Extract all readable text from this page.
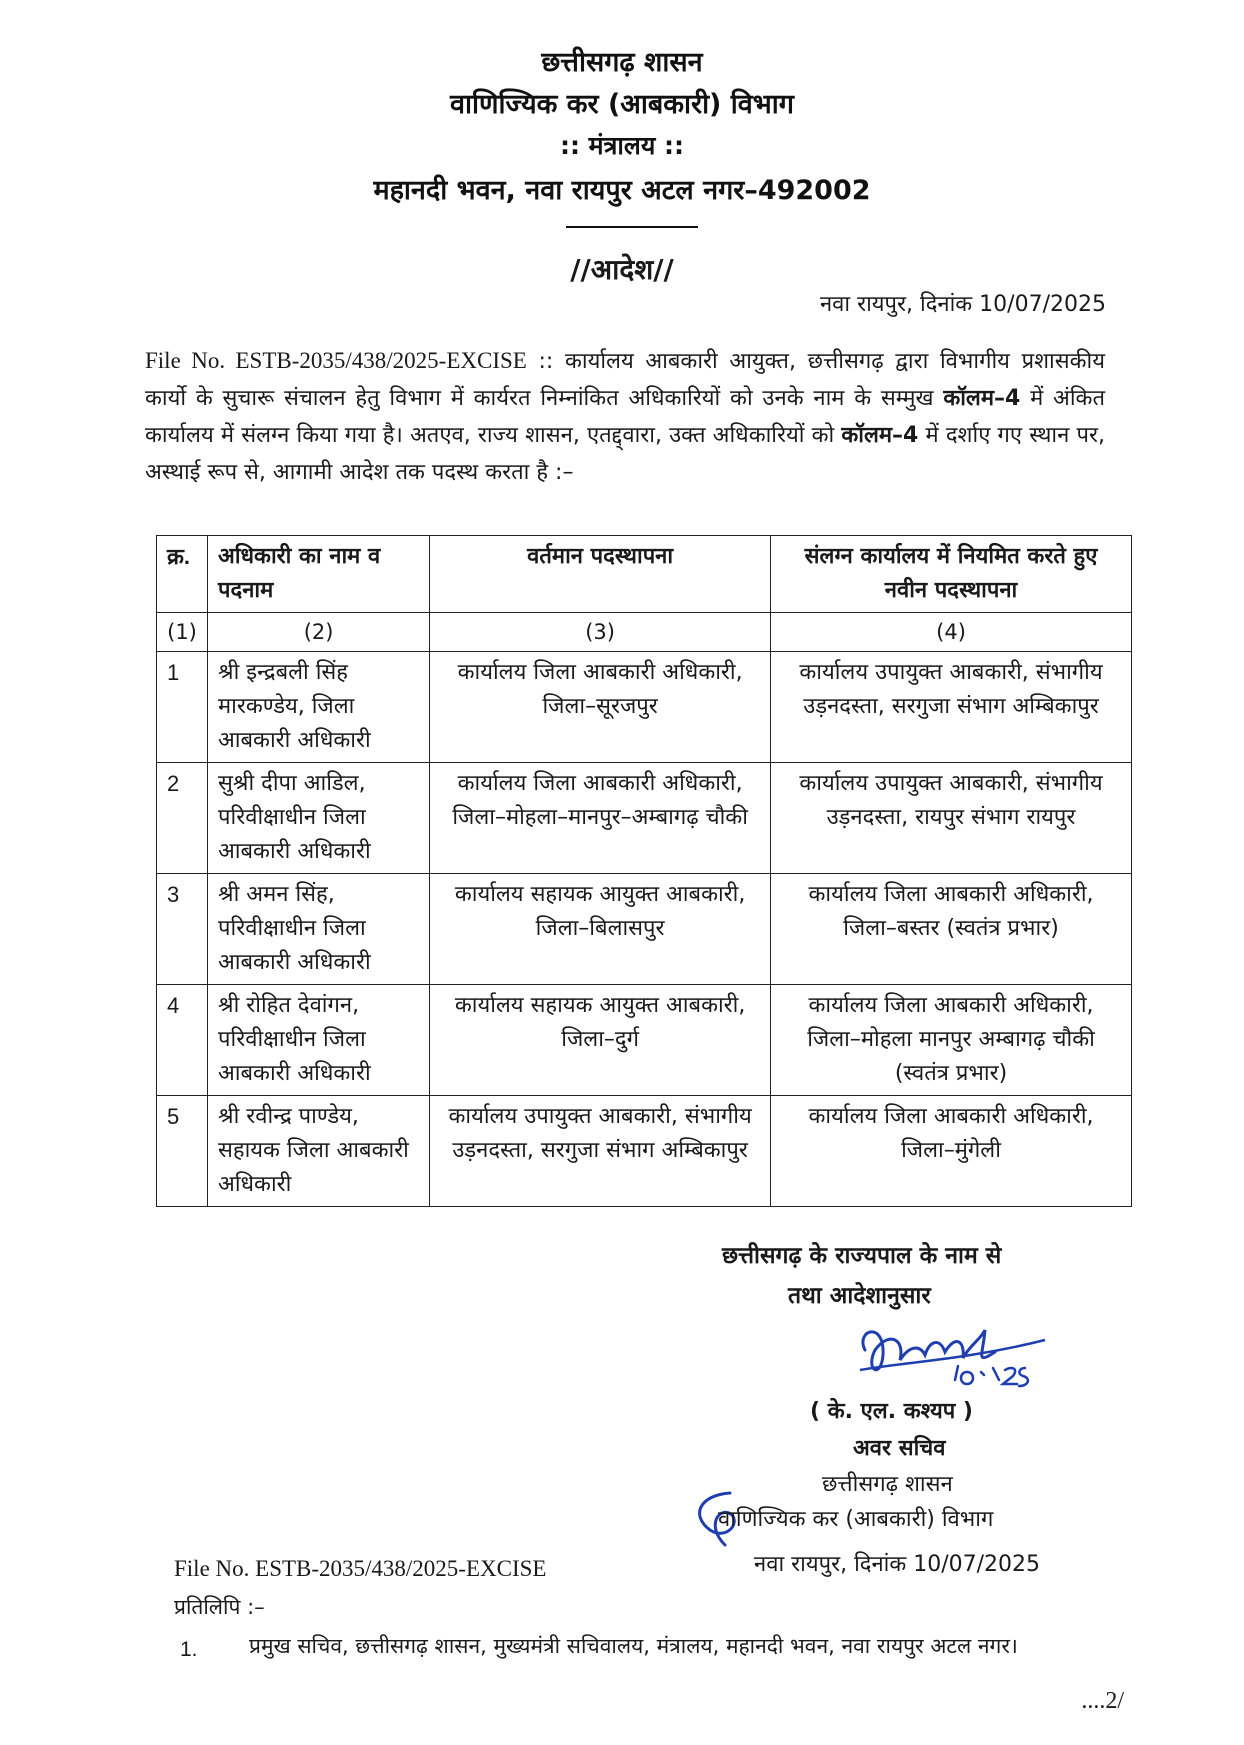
छत्तीसगढ़ शासन
वाणिज्यिक कर (आबकारी) विभाग
:: मंत्रालय ::
महानदी भवन, नवा रायपुर अटल नगर–492002
//आदेश//
नवा रायपुर, दिनांक 10/07/2025
File No. ESTB-2035/438/2025-EXCISE :: कार्यालय आबकारी आयुक्त, छत्तीसगढ़ द्वारा विभागीय प्रशासकीय कार्यो के सुचारू संचालन हेतु विभाग में कार्यरत निम्नांकित अधिकारियों को उनके नाम के सम्मुख कॉलम–4 में अंकित कार्यालय में संलग्न किया गया है। अतएव, राज्य शासन, एतद्द्वारा, उक्त अधिकारियों को कॉलम–4 में दर्शाए गए स्थान पर, अस्थाई रूप से, आगामी आदेश तक पदस्थ करता है :–
क्र.	अधिकारी का नाम व पदनाम	वर्तमान पदस्थापना	संलग्न कार्यालय में नियमित करते हुए नवीन पदस्थापना
(1)	(2)	(3)	(4)
1	श्री इन्द्रबली सिंह मारकण्डेय, जिला आबकारी अधिकारी	कार्यालय जिला आबकारी अधिकारी, जिला–सूरजपुर	कार्यालय उपायुक्त आबकारी, संभागीय उड़नदस्ता, सरगुजा संभाग अम्बिकापुर
2	सुश्री दीपा आडिल, परिवीक्षाधीन जिला आबकारी अधिकारी	कार्यालय जिला आबकारी अधिकारी, जिला–मोहला–मानपुर–अम्बागढ़ चौकी	कार्यालय उपायुक्त आबकारी, संभागीय उड़नदस्ता, रायपुर संभाग रायपुर
3	श्री अमन सिंह, परिवीक्षाधीन जिला आबकारी अधिकारी	कार्यालय सहायक आयुक्त आबकारी, जिला–बिलासपुर	कार्यालय जिला आबकारी अधिकारी, जिला–बस्तर (स्वतंत्र प्रभार)
4	श्री रोहित देवांगन, परिवीक्षाधीन जिला आबकारी अधिकारी	कार्यालय सहायक आयुक्त आबकारी, जिला–दुर्ग	कार्यालय जिला आबकारी अधिकारी, जिला–मोहला मानपुर अम्बागढ़ चौकी (स्वतंत्र प्रभार)
5	श्री रवीन्द्र पाण्डेय, सहायक जिला आबकारी अधिकारी	कार्यालय उपायुक्त आबकारी, संभागीय उड़नदस्ता, सरगुजा संभाग अम्बिकापुर	कार्यालय जिला आबकारी अधिकारी, जिला–मुंगेली
छत्तीसगढ़ के राज्यपाल के नाम से
तथा आदेशानुसार
( के. एल. कश्यप )
अवर सचिव
छत्तीसगढ़ शासन
वाणिज्यिक कर (आबकारी) विभाग
नवा रायपुर, दिनांक 10/07/2025
File No. ESTB-2035/438/2025-EXCISE
प्रतिलिपि :–
1. प्रमुख सचिव, छत्तीसगढ़ शासन, मुख्यमंत्री सचिवालय, मंत्रालय, महानदी भवन, नवा रायपुर अटल नगर।
....2/
